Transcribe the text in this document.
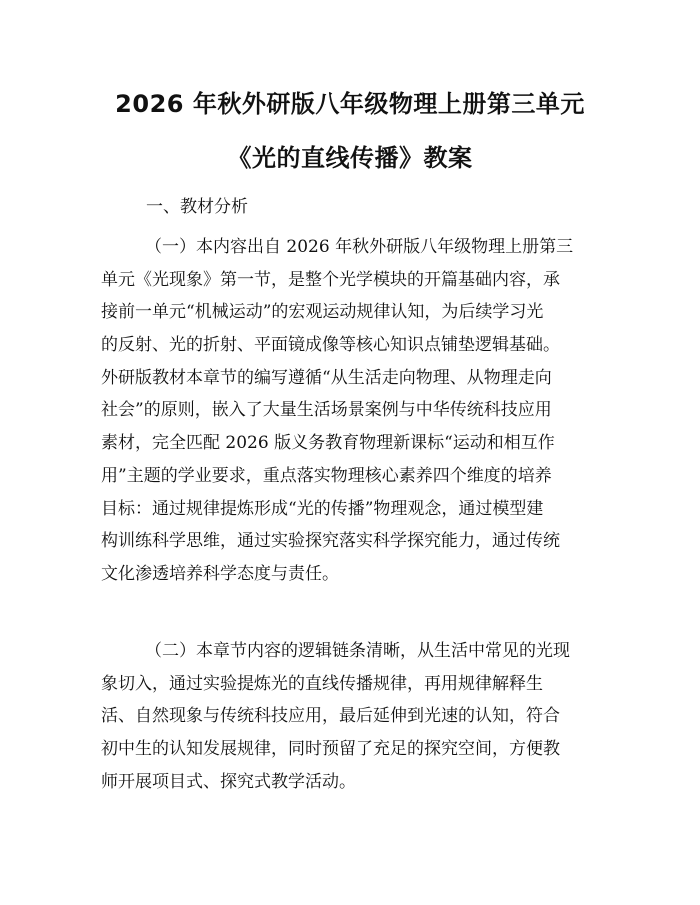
2026 年秋外研版八年级物理上册第三单元
《光的直线传播》教案
一、教材分析
（一）本内容出自 2026 年秋外研版八年级物理上册第三
单元《光现象》第一节，是整个光学模块的开篇基础内容，承
接前一单元“机械运动”的宏观运动规律认知，为后续学习光
的反射、光的折射、平面镜成像等核心知识点铺垫逻辑基础。
外研版教材本章节的编写遵循“从生活走向物理、从物理走向
社会”的原则，嵌入了大量生活场景案例与中华传统科技应用
素材，完全匹配 2026 版义务教育物理新课标“运动和相互作
用”主题的学业要求，重点落实物理核心素养四个维度的培养
目标：通过规律提炼形成“光的传播”物理观念，通过模型建
构训练科学思维，通过实验探究落实科学探究能力，通过传统
文化渗透培养科学态度与责任。
（二）本章节内容的逻辑链条清晰，从生活中常见的光现
象切入，通过实验提炼光的直线传播规律，再用规律解释生
活、自然现象与传统科技应用，最后延伸到光速的认知，符合
初中生的认知发展规律，同时预留了充足的探究空间，方便教
师开展项目式、探究式教学活动。
